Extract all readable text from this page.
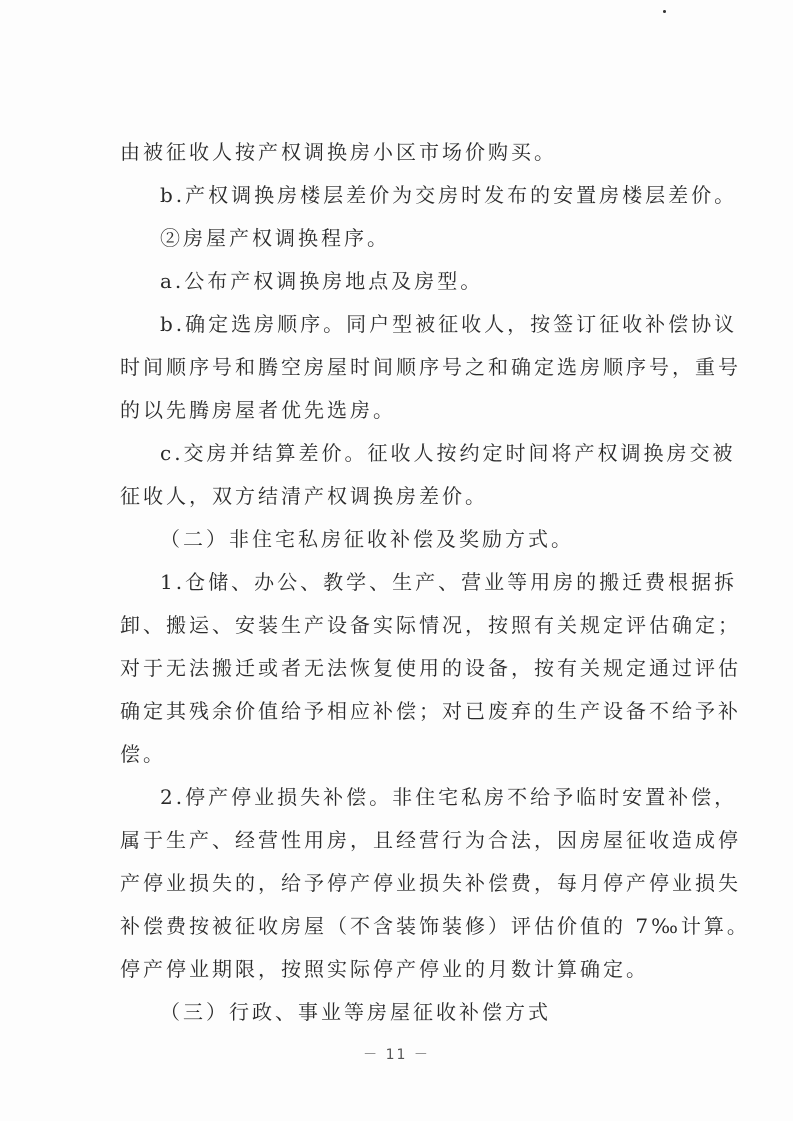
由被征收人按产权调换房小区市场价购买。

b.产权调换房楼层差价为交房时发布的安置房楼层差价。

②房屋产权调换程序。

a.公布产权调换房地点及房型。

b.确定选房顺序。同户型被征收人，按签订征收补偿协议

时间顺序号和腾空房屋时间顺序号之和确定选房顺序号，重号

的以先腾房屋者优先选房。

c.交房并结算差价。征收人按约定时间将产权调换房交被

征收人，双方结清产权调换房差价。

（二）非住宅私房征收补偿及奖励方式。

1.仓储、办公、教学、生产、营业等用房的搬迁费根据拆

卸、搬运、安装生产设备实际情况，按照有关规定评估确定；

对于无法搬迁或者无法恢复使用的设备，按有关规定通过评估

确定其残余价值给予相应补偿；对已废弃的生产设备不给予补

偿。

2.停产停业损失补偿。非住宅私房不给予临时安置补偿，

属于生产、经营性用房，且经营行为合法，因房屋征收造成停

产停业损失的，给予停产停业损失补偿费，每月停产停业损失

补偿费按被征收房屋（不含装饰装修）评估价值的 7‰计算。

停产停业期限，按照实际停产停业的月数计算确定。

（三）行政、事业等房屋征收补偿方式

－ 11 －
